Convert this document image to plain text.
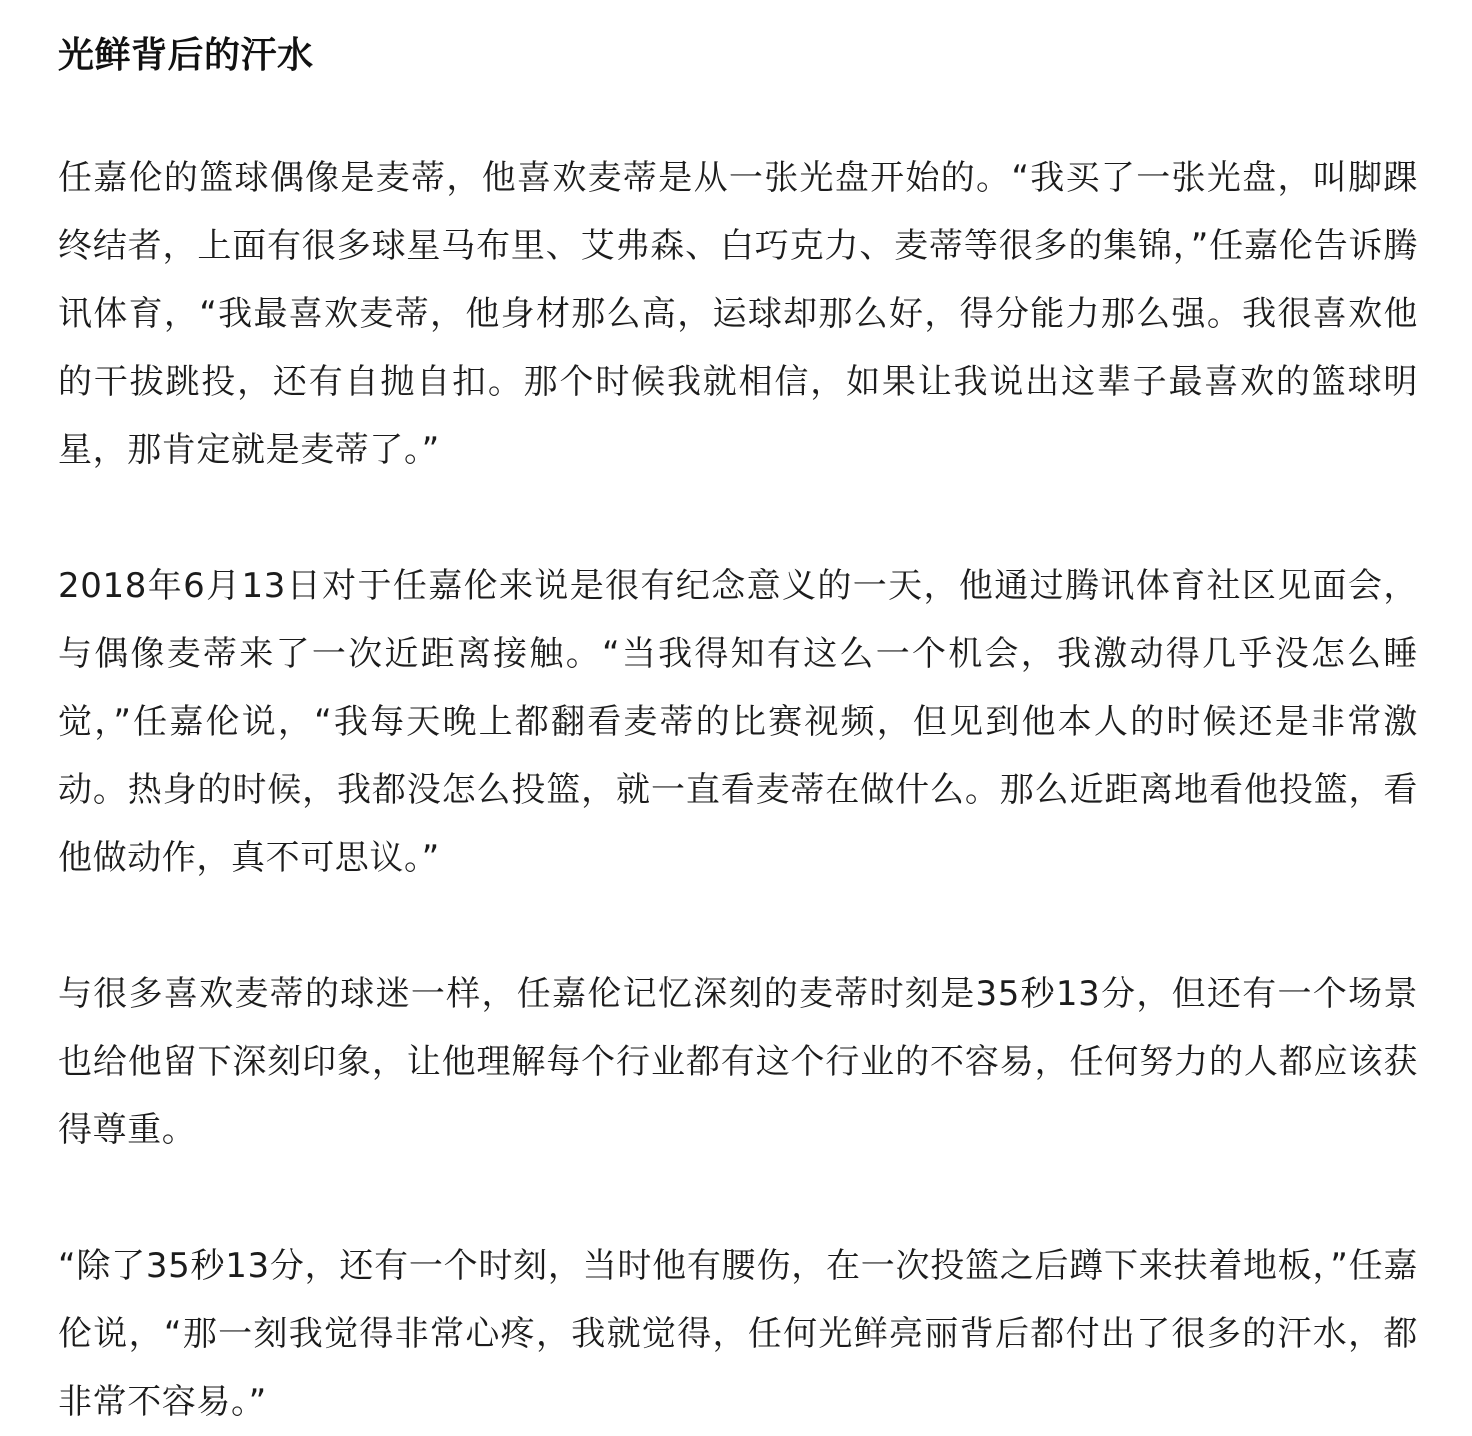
光鲜背后的汗水

任嘉伦的篮球偶像是麦蒂，他喜欢麦蒂是从一张光盘开始的。“我买了一张光盘，叫脚踝终结者，上面有很多球星马布里、艾弗森、白巧克力、麦蒂等很多的集锦，”任嘉伦告诉腾讯体育，“我最喜欢麦蒂，他身材那么高，运球却那么好，得分能力那么强。我很喜欢他的干拔跳投，还有自抛自扣。那个时候我就相信，如果让我说出这辈子最喜欢的篮球明星，那肯定就是麦蒂了。”

2018年6月13日对于任嘉伦来说是很有纪念意义的一天，他通过腾讯体育社区见面会，与偶像麦蒂来了一次近距离接触。“当我得知有这么一个机会，我激动得几乎没怎么睡觉，”任嘉伦说，“我每天晚上都翻看麦蒂的比赛视频，但见到他本人的时候还是非常激动。热身的时候，我都没怎么投篮，就一直看麦蒂在做什么。那么近距离地看他投篮，看他做动作，真不可思议。”

与很多喜欢麦蒂的球迷一样，任嘉伦记忆深刻的麦蒂时刻是35秒13分，但还有一个场景也给他留下深刻印象，让他理解每个行业都有这个行业的不容易，任何努力的人都应该获得尊重。

“除了35秒13分，还有一个时刻，当时他有腰伤，在一次投篮之后蹲下来扶着地板，”任嘉伦说，“那一刻我觉得非常心疼，我就觉得，任何光鲜亮丽背后都付出了很多的汗水，都非常不容易。”
